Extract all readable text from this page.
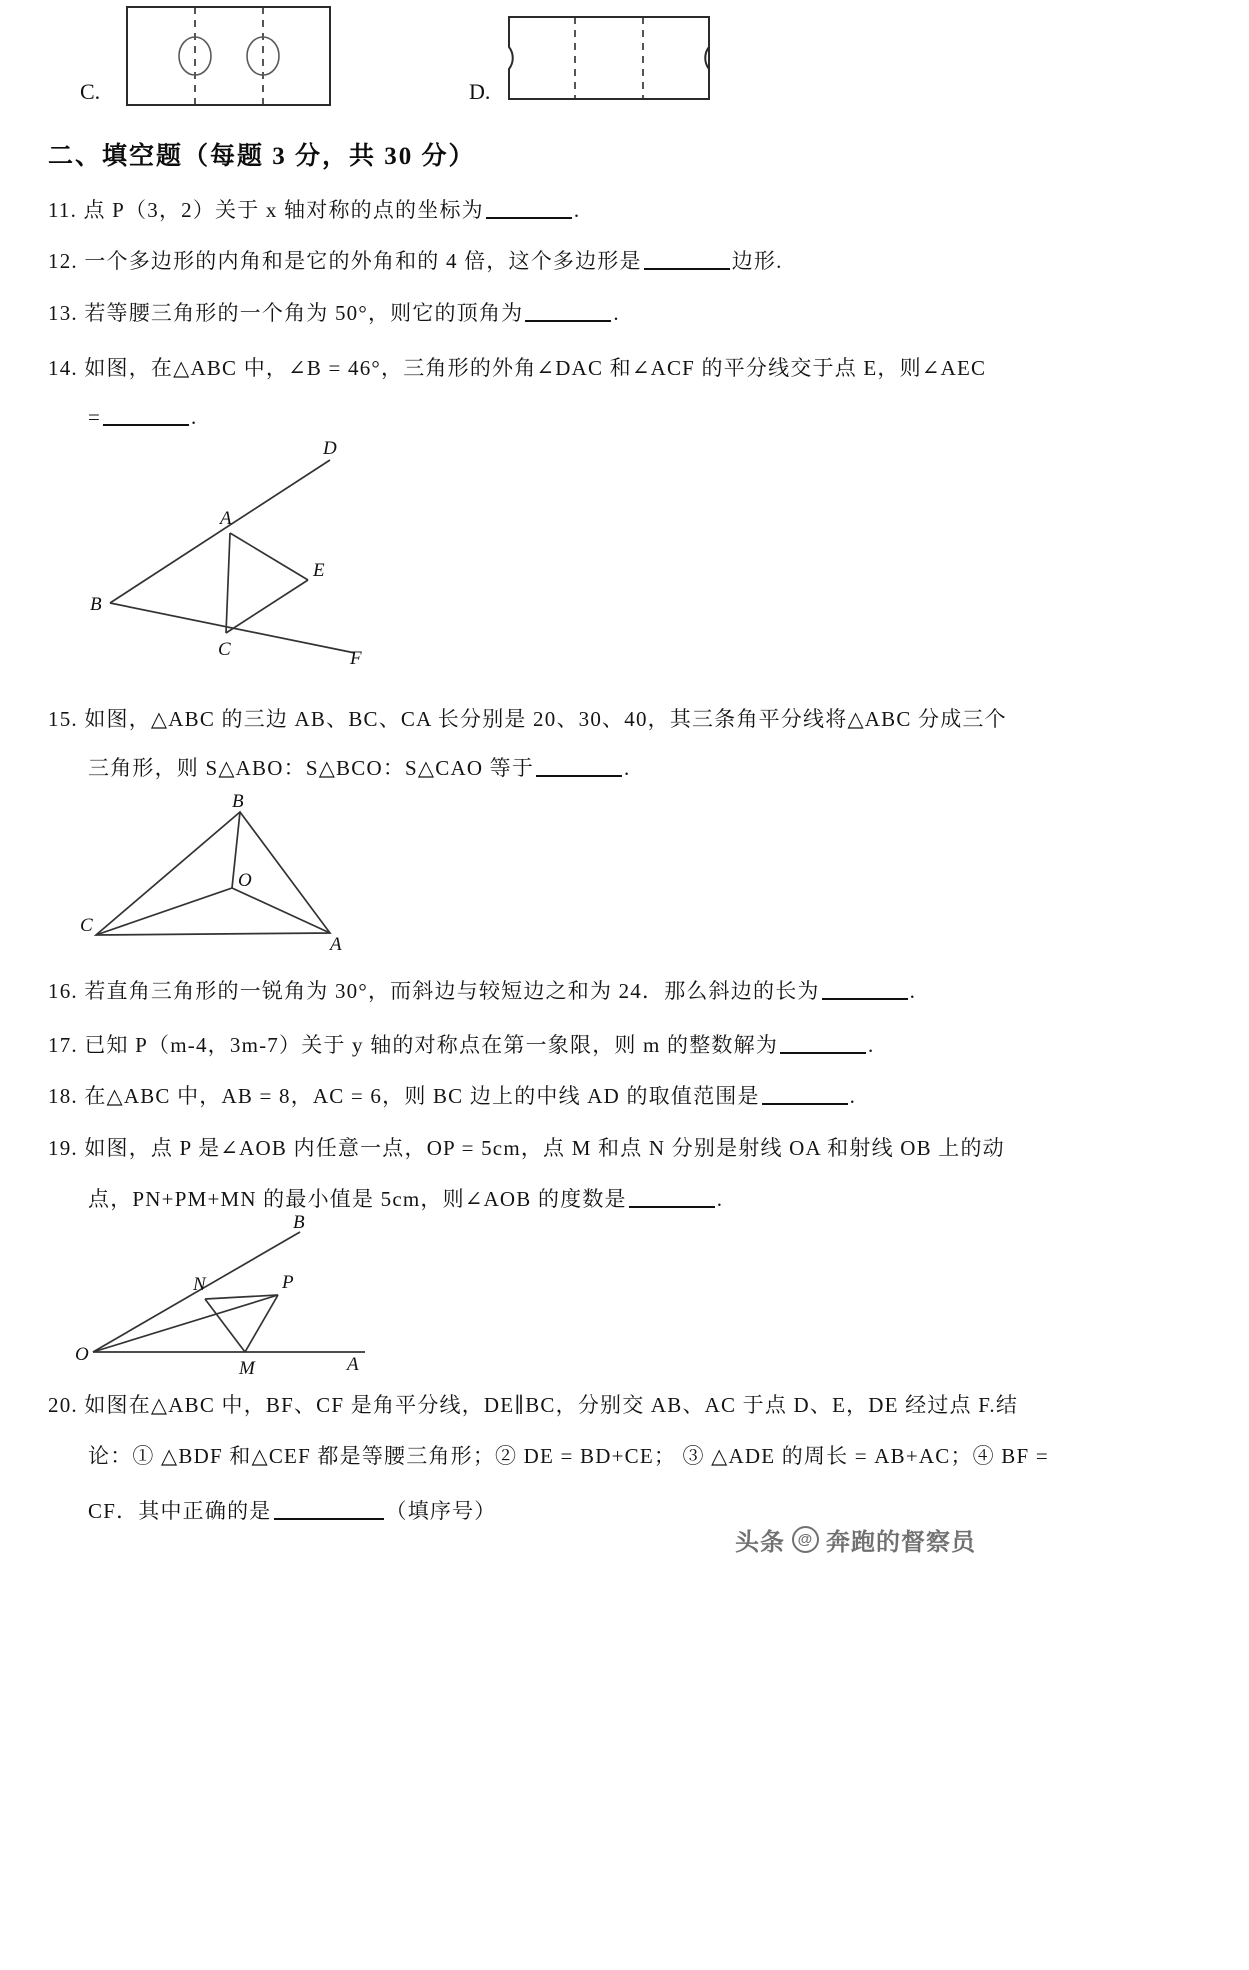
C.	D.
二、填空题（每题 3 分，共 30 分）
11. 点 P（3，2）关于 x 轴对称的点的坐标为	.
12. 一个多边形的内角和是它的外角和的 4 倍，这个多边形是	边形.
13. 若等腰三角形的一个角为 50°，则它的顶角为	.
14. 如图，在△ABC 中，∠B = 46°，三角形的外角∠DAC 和∠ACF 的平分线交于点 E，则∠AEC
=	.
D
A
E
B
C	F
15. 如图，△ABC 的三边 AB、BC、CA 长分别是 20、30、40，其三条角平分线将△ABC 分成三个
三角形，则 S△ABO：S△BCO：S△CAO 等于	.
B
O
C
A
16. 若直角三角形的一锐角为 30°，而斜边与较短边之和为 24．那么斜边的长为	.
17. 已知 P（m-4，3m-7）关于 y 轴的对称点在第一象限，则 m 的整数解为	.
18. 在△ABC 中，AB = 8，AC = 6，则 BC 边上的中线 AD 的取值范围是	.
19. 如图，点 P 是∠AOB 内任意一点，OP = 5cm，点 M 和点 N 分别是射线 OA 和射线 OB 上的动
点，PN+PM+MN 的最小值是 5cm，则∠AOB 的度数是	.
B
N	P
O
M	A
20. 如图在△ABC 中，BF、CF 是角平分线，DE∥BC，分别交 AB、AC 于点 D、E，DE 经过点 F.结
论：① △BDF 和△CEF 都是等腰三角形；② DE = BD+CE； ③ △ADE 的周长 = AB+AC；④ BF =
CF．其中正确的是	（填序号）
头条 @ 奔跑的督察员
